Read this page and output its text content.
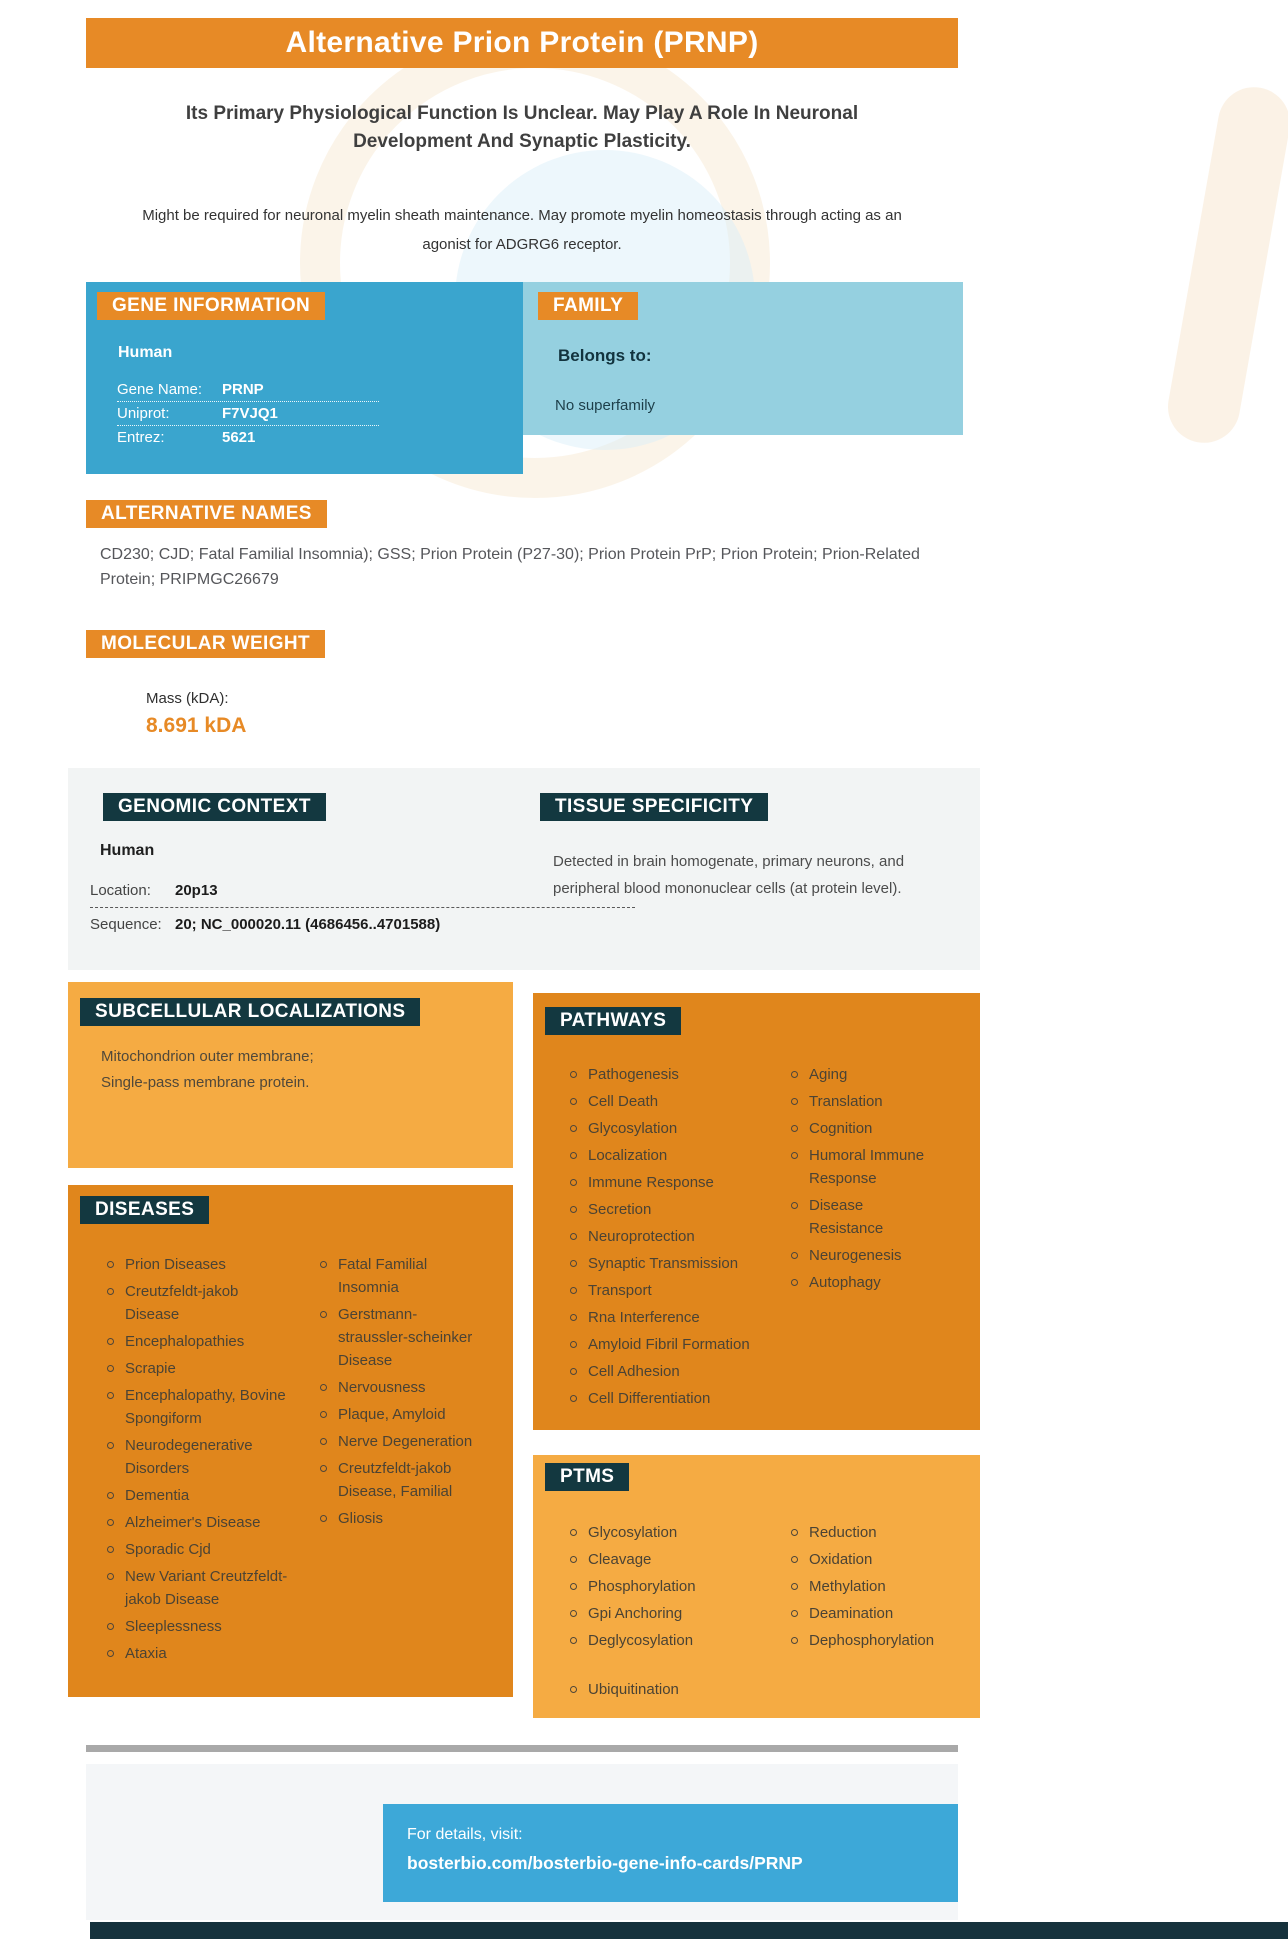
Alternative Prion Protein (PRNP)
Its Primary Physiological Function Is Unclear. May Play A Role In Neuronal Development And Synaptic Plasticity.
Might be required for neuronal myelin sheath maintenance. May promote myelin homeostasis through acting as an agonist for ADGRG6 receptor.
GENE INFORMATION
Human
Gene Name:	PRNP
Uniprot:	F7VJQ1
Entrez:	5621
FAMILY
Belongs to:
No superfamily
ALTERNATIVE NAMES
CD230; CJD; Fatal Familial Insomnia); GSS; Prion Protein (P27-30); Prion Protein PrP; Prion Protein; Prion-Related Protein; PRIPMGC26679
MOLECULAR WEIGHT
Mass (kDA):
8.691 kDA
GENOMIC CONTEXT
Human
Location:	20p13
Sequence: 20; NC_000020.11 (4686456..4701588)
TISSUE SPECIFICITY
Detected in brain homogenate, primary neurons, and peripheral blood mononuclear cells (at protein level).
SUBCELLULAR LOCALIZATIONS
Mitochondrion outer membrane; Single-pass membrane protein.
PATHWAYS
Pathogenesis
Cell Death
Glycosylation
Localization
Immune Response
Secretion
Neuroprotection
Synaptic Transmission
Transport
Rna Interference
Amyloid Fibril Formation
Cell Adhesion
Cell Differentiation
Aging
Translation
Cognition
Humoral Immune Response
Disease Resistance
Neurogenesis
Autophagy
DISEASES
Prion Diseases
Creutzfeldt-jakob Disease
Encephalopathies
Scrapie
Encephalopathy, Bovine Spongiform
Neurodegenerative Disorders
Dementia
Alzheimer's Disease
Sporadic Cjd
New Variant Creutzfeldt-jakob Disease
Sleeplessness
Ataxia
Fatal Familial Insomnia
Gerstmann-straussler-scheinker Disease
Nervousness
Plaque, Amyloid
Nerve Degeneration
Creutzfeldt-jakob Disease, Familial
Gliosis
PTMS
Glycosylation
Cleavage
Phosphorylation
Gpi Anchoring
Deglycosylation
Ubiquitination
Reduction
Oxidation
Methylation
Deamination
Dephosphorylation
For details, visit:
bosterbio.com/bosterbio-gene-info-cards/PRNP
